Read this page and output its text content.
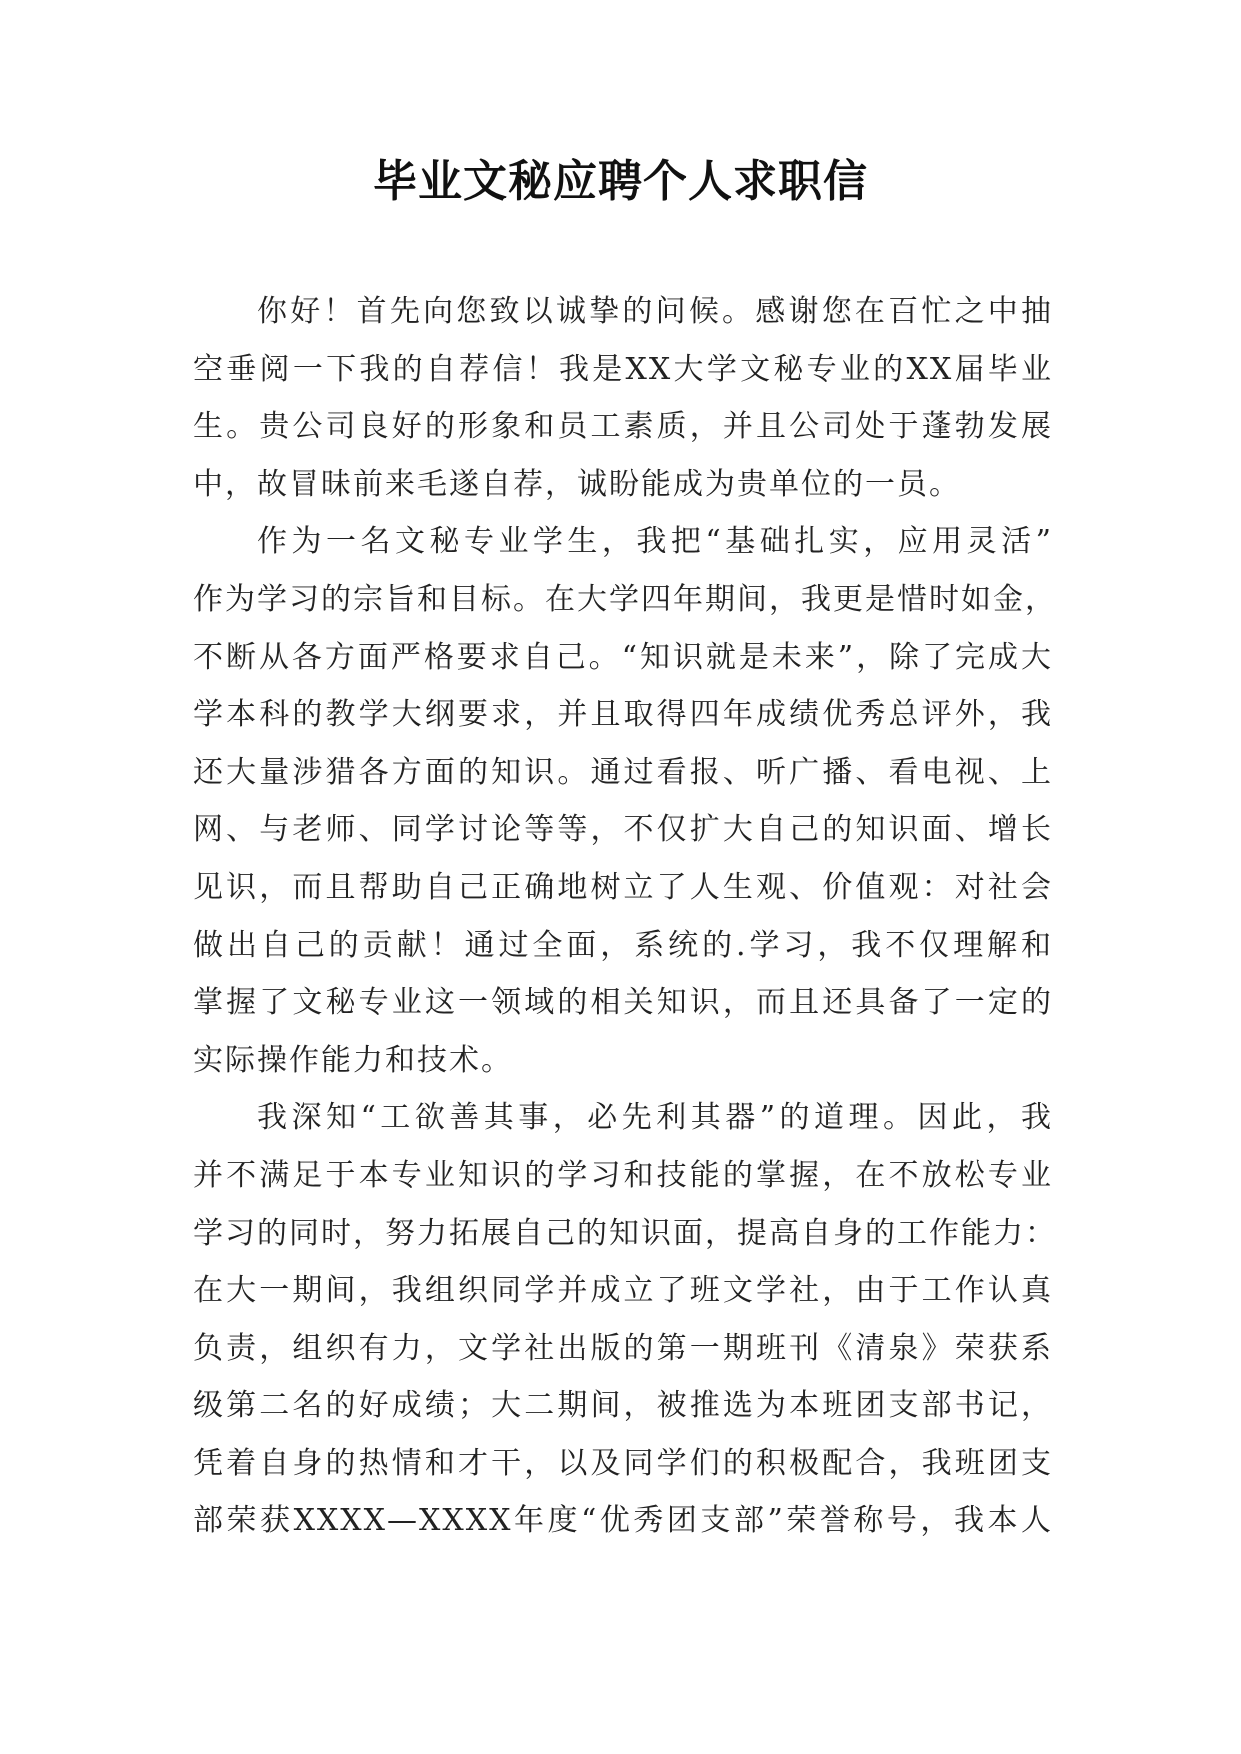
毕业文秘应聘个人求职信
你好！首先向您致以诚挚的问候。感谢您在百忙之中抽
空垂阅一下我的自荐信！我是XX大学文秘专业的XX届毕业
生。贵公司良好的形象和员工素质，并且公司处于蓬勃发展
中，故冒昧前来毛遂自荐，诚盼能成为贵单位的一员。
作为一名文秘专业学生，我把“基础扎实，应用灵活”
作为学习的宗旨和目标。在大学四年期间，我更是惜时如金，
不断从各方面严格要求自己。“知识就是未来”，除了完成大
学本科的教学大纲要求，并且取得四年成绩优秀总评外，我
还大量涉猎各方面的知识。通过看报、听广播、看电视、上
网、与老师、同学讨论等等，不仅扩大自己的知识面、增长
见识，而且帮助自己正确地树立了人生观、价值观：对社会
做出自己的贡献！通过全面，系统的.学习，我不仅理解和
掌握了文秘专业这一领域的相关知识，而且还具备了一定的
实际操作能力和技术。
我深知“工欲善其事，必先利其器”的道理。因此，我
并不满足于本专业知识的学习和技能的掌握，在不放松专业
学习的同时，努力拓展自己的知识面，提高自身的工作能力：
在大一期间，我组织同学并成立了班文学社，由于工作认真
负责，组织有力，文学社出版的第一期班刊《清泉》荣获系
级第二名的好成绩；大二期间，被推选为本班团支部书记，
凭着自身的热情和才干，以及同学们的积极配合，我班团支
部荣获XXXX—XXXX年度“优秀团支部”荣誉称号，我本人
